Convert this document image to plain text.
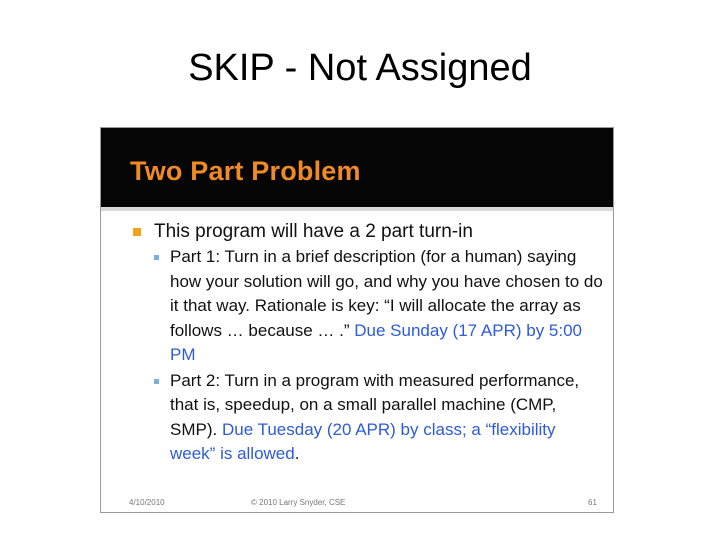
SKIP - Not Assigned
Two Part Problem
This program will have a 2 part turn-in
Part 1: Turn in a brief description (for a human) saying how your solution will go, and why you have chosen to do it that way. Rationale is key: “I will allocate the array as follows … because … .” Due Sunday (17 APR) by 5:00 PM
Part 2: Turn in a program with measured performance, that is, speedup, on a small parallel machine (CMP, SMP). Due Tuesday (20 APR) by class; a “flexibility week” is allowed.
4/10/2010	© 2010 Larry Snyder, CSE	61
